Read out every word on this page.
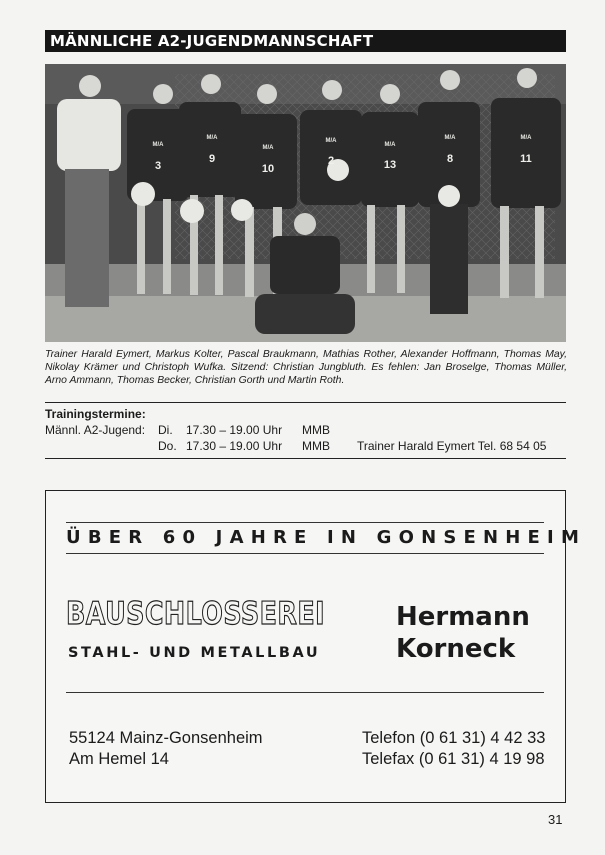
MÄNNLICHE A2-JUGENDMANNSCHAFT
3
9
10
2	13	8	11
M/A
M/A
M/A
M/A
M/A
M/A	M/A
Trainer Harald Eymert, Markus Kolter, Pascal Braukmann, Mathias Rother, Alexander Hoffmann, Thomas May, Nikolay Krämer und Christoph Wufka. Sitzend: Christian Jungbluth. Es fehlen: Jan Broselge, Thomas Müller, Arno Ammann, Thomas Becker, Christian Gorth und Martin Roth.
Trainingstermine:
Männl. A2-Jugend: Di. 17.30 – 19.00 Uhr MMB
Do. 17.30 – 19.00 Uhr MMB Trainer Harald Eymert Tel. 68 54 05
ÜBER 60 JAHRE IN GONSENHEIM
BAUSCHLOSSEREI
STAHL- UND METALLBAU
Hermann
Korneck
55124 Mainz-Gonsenheim
Am Hemel 14
Telefon (0 61 31) 4 42 33
Telefax (0 61 31) 4 19 98
31
